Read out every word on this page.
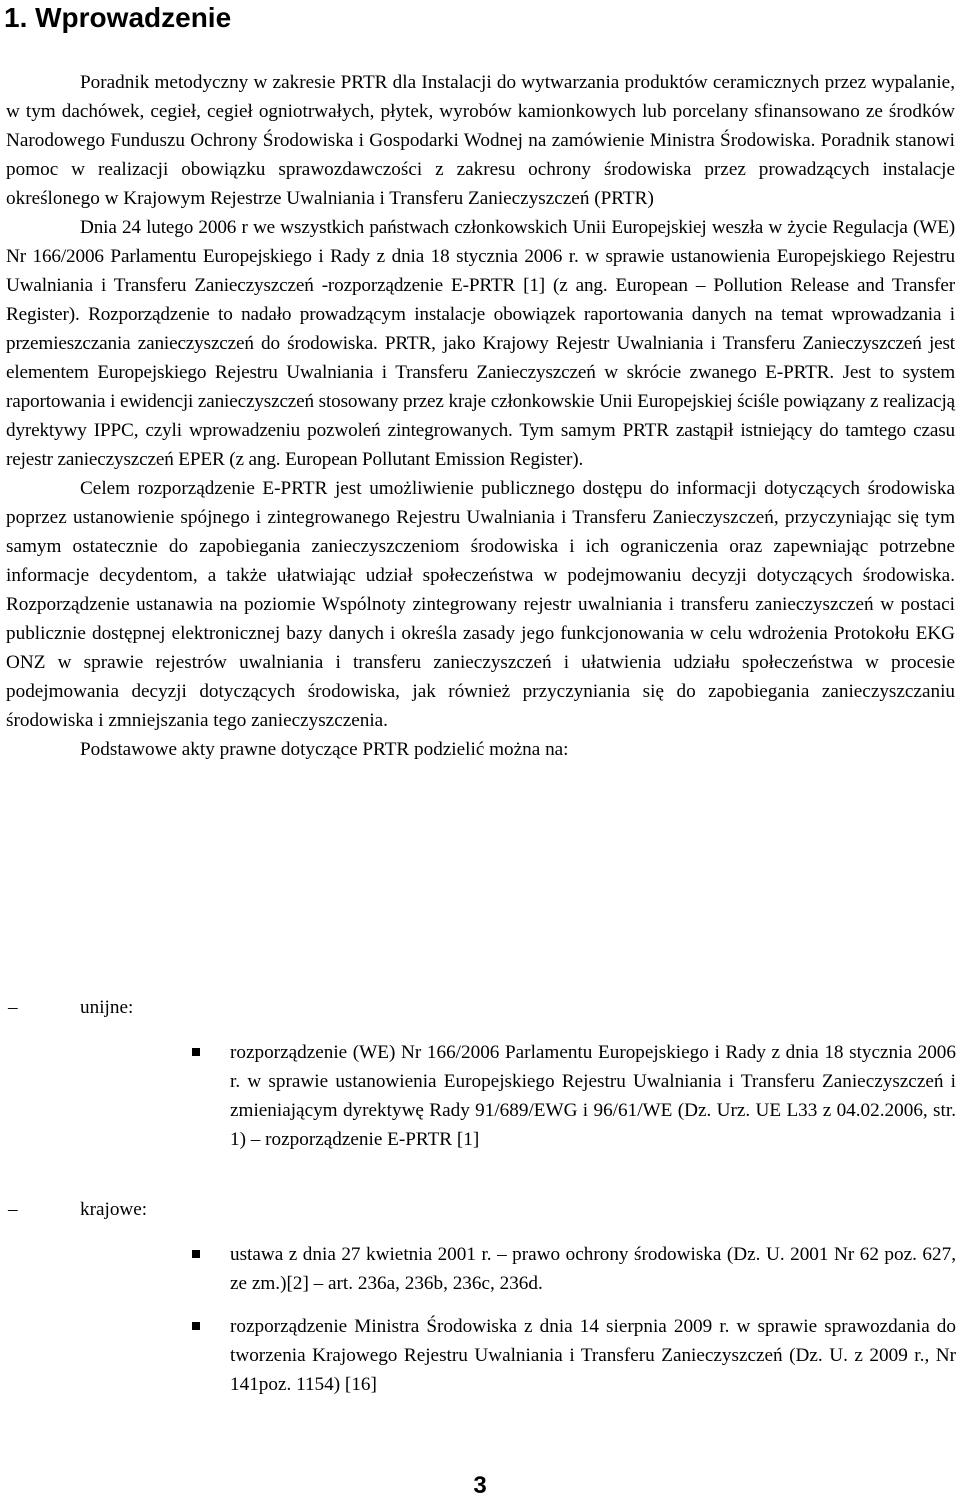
1. Wprowadzenie

Poradnik metodyczny w zakresie PRTR dla Instalacji do wytwarzania produktów ceramicznych przez wypalanie, w tym dachówek, cegieł, cegieł ogniotrwałych, płytek, wyrobów kamionkowych lub porcelany sfinansowano ze środków Narodowego Funduszu Ochrony Środowiska i Gospodarki Wodnej na zamówienie Ministra Środowiska. Poradnik stanowi pomoc w realizacji obowiązku sprawozdawczości z zakresu ochrony środowiska przez prowadzących instalacje określonego w Krajowym Rejestrze Uwalniania i Transferu Zanieczyszczeń (PRTR)

Dnia 24 lutego 2006 r we wszystkich państwach członkowskich Unii Europejskiej weszła w życie Regulacja (WE) Nr 166/2006 Parlamentu Europejskiego i Rady z dnia 18 stycznia 2006 r. w sprawie ustanowienia Europejskiego Rejestru Uwalniania i Transferu Zanieczyszczeń -rozporządzenie E-PRTR [1] (z ang. European – Pollution Release and Transfer Register). Rozporządzenie to nadało prowadzącym instalacje obowiązek raportowania danych na temat wprowadzania i przemieszczania zanieczyszczeń do środowiska. PRTR, jako Krajowy Rejestr Uwalniania i Transferu Zanieczyszczeń jest elementem Europejskiego Rejestru Uwalniania i Transferu Zanieczyszczeń w skrócie zwanego E-PRTR. Jest to system raportowania i ewidencji zanieczyszczeń stosowany przez kraje członkowskie Unii Europejskiej ściśle powiązany z realizacją dyrektywy IPPC, czyli wprowadzeniu pozwoleń zintegrowanych. Tym samym PRTR zastąpił istniejący do tamtego czasu rejestr zanieczyszczeń EPER (z ang. European Pollutant Emission Register).

Celem rozporządzenie E-PRTR jest umożliwienie publicznego dostępu do informacji dotyczących środowiska poprzez ustanowienie spójnego i zintegrowanego Rejestru Uwalniania i Transferu Zanieczyszczeń, przyczyniając się tym samym ostatecznie do zapobiegania zanieczyszczeniom środowiska i ich ograniczenia oraz zapewniając potrzebne informacje decydentom, a także ułatwiając udział społeczeństwa w podejmowaniu decyzji dotyczących środowiska. Rozporządzenie ustanawia na poziomie Wspólnoty zintegrowany rejestr uwalniania i transferu zanieczyszczeń w postaci publicznie dostępnej elektronicznej bazy danych i określa zasady jego funkcjonowania w celu wdrożenia Protokołu EKG ONZ w sprawie rejestrów uwalniania i transferu zanieczyszczeń i ułatwienia udziału społeczeństwa w procesie podejmowania decyzji dotyczących środowiska, jak również przyczyniania się do zapobiegania zanieczyszczaniu środowiska i zmniejszania tego zanieczyszczenia.

Podstawowe akty prawne dotyczące PRTR podzielić można na:

–	unijne:
rozporządzenie (WE) Nr 166/2006 Parlamentu Europejskiego i Rady z dnia 18 stycznia 2006 r. w sprawie ustanowienia Europejskiego Rejestru Uwalniania i Transferu Zanieczyszczeń i zmieniającym dyrektywę Rady 91/689/EWG i 96/61/WE (Dz. Urz. UE L33 z 04.02.2006, str. 1) – rozporządzenie E-PRTR [1]
–	krajowe:
ustawa z dnia 27 kwietnia 2001 r. – prawo ochrony środowiska (Dz. U. 2001 Nr 62 poz. 627, ze zm.)[2] – art. 236a, 236b, 236c, 236d.
rozporządzenie Ministra Środowiska z dnia 14 sierpnia 2009 r. w sprawie sprawozdania do tworzenia Krajowego Rejestru Uwalniania i Transferu Zanieczyszczeń (Dz. U. z 2009 r., Nr 141poz. 1154) [16]
3
